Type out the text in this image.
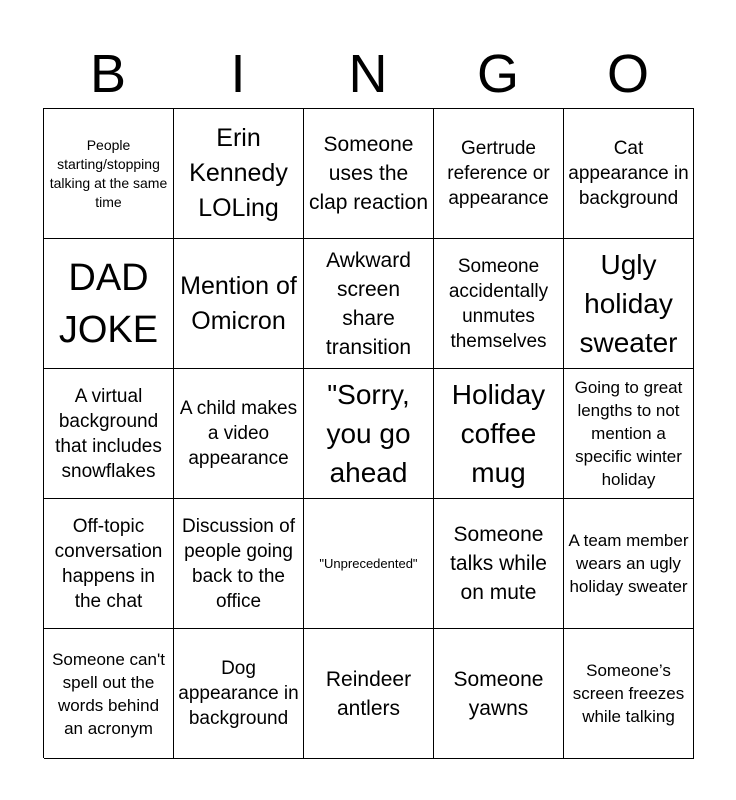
B	I	N	G	O
People starting/stopping talking at the same time
Erin Kennedy LOLing
Someone uses the clap reaction
Gertrude reference or appearance
Cat appearance in background
DAD JOKE
Mention of Omicron
Awkward screen share transition
Someone accidentally unmutes themselves
Ugly holiday sweater
A virtual background that includes snowflakes
A child makes a video appearance
"Sorry, you go ahead
Holiday coffee mug
Going to great lengths to not mention a specific winter holiday
Off-topic conversation happens in the chat
Discussion of people going back to the office
"Unprecedented"
Someone talks while on mute
A team member wears an ugly holiday sweater
Someone can't spell out the words behind an acronym
Dog appearance in background
Reindeer antlers
Someone yawns
Someone’s screen freezes while talking
